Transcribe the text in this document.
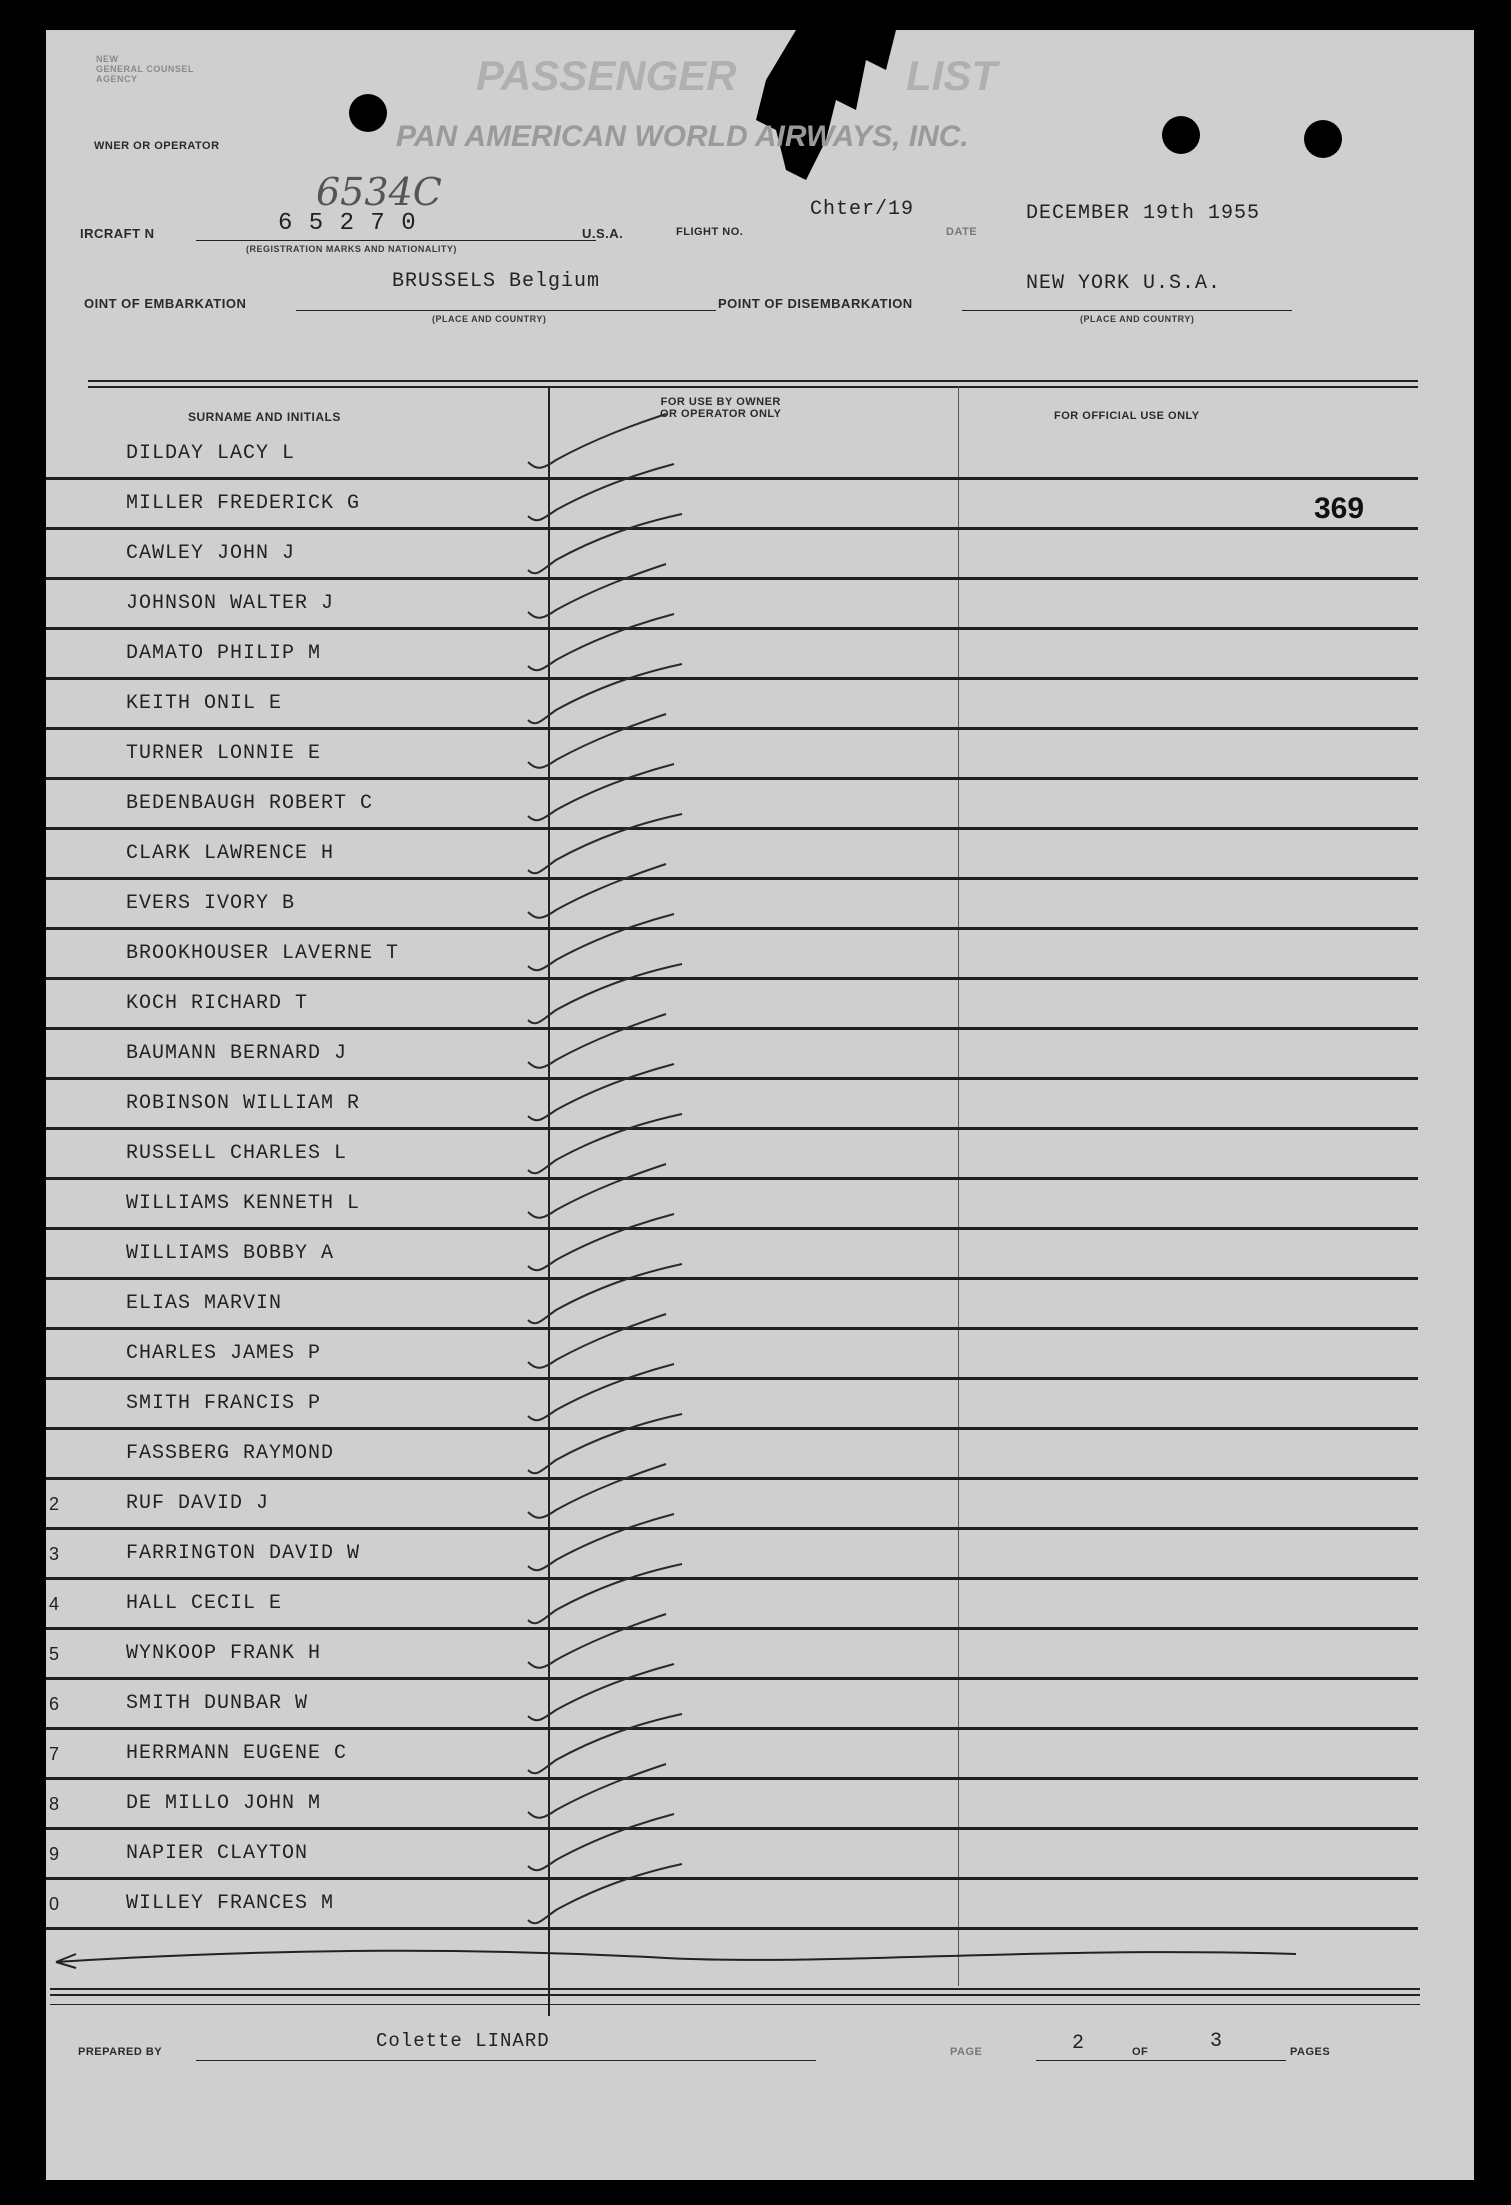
PASSENGER	LIST
PAN AMERICAN WORLD AIRWAYS, INC.
NEW
GENERAL COUNSEL
AGENCY
WNER OR OPERATOR
6534C
IRCRAFT N	6 5 2 7 0	U.S.A.
(REGISTRATION MARKS AND NATIONALITY)
FLIGHT NO.
Chter/19
DATE
DECEMBER 19th 1955
OINT OF EMBARKATION
BRUSSELS Belgium
(PLACE AND COUNTRY)
POINT OF DISEMBARKATION
NEW YORK U.S.A.
(PLACE AND COUNTRY)
SURNAME AND INITIALS
FOR USE BY OWNER
OR OPERATOR ONLY	FOR OFFICIAL USE ONLY
369
DILDAY LACY L
MILLER FREDERICK G
CAWLEY JOHN J
JOHNSON WALTER J
DAMATO PHILIP M
KEITH ONIL E
TURNER LONNIE E
BEDENBAUGH ROBERT C
CLARK LAWRENCE H
EVERS IVORY B
BROOKHOUSER LAVERNE T
KOCH RICHARD T
BAUMANN BERNARD J
ROBINSON WILLIAM R
RUSSELL CHARLES L
WILLIAMS KENNETH L
WILLIAMS BOBBY A
ELIAS MARVIN
CHARLES JAMES P
SMITH FRANCIS P
FASSBERG RAYMOND
2	RUF DAVID J
3	FARRINGTON DAVID W
4	HALL CECIL E
5	WYNKOOP FRANK H
6	SMITH DUNBAR W
7	HERRMANN EUGENE C
8	DE MILLO JOHN M
9	NAPIER CLAYTON
0	WILLEY FRANCES M
PREPARED BY	Colette LINARD	PAGE	2	OF	3	PAGES
